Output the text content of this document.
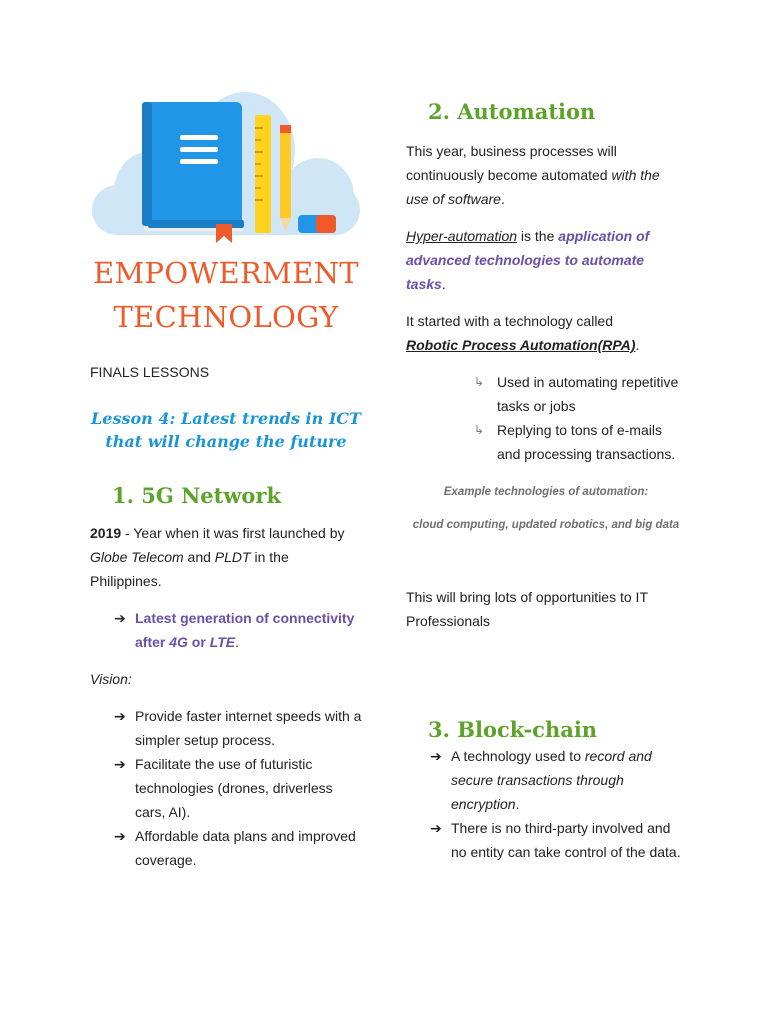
EMPOWERMENT
TECHNOLOGY
FINALS LESSONS
Lesson 4: Latest trends in ICT
that will change the future
1. 5G Network

2019 - Year when it was first launched by Globe Telecom and PLDT in the Philippines.

➔ Latest generation of connectivity after 4G or LTE.

Vision:

➔ Provide faster internet speeds with a simpler setup process.
➔ Facilitate the use of futuristic technologies (drones, driverless cars, AI).
➔ Affordable data plans and improved coverage.
2. Automation

This year, business processes will continuously become automated with the use of software.

Hyper-automation is the application of advanced technologies to automate tasks.

It started with a technology called
Robotic Process Automation(RPA).

↳ Used in automating repetitive tasks or jobs
↳ Replying to tons of e-mails and processing transactions.
Example technologies of automation:
cloud computing, updated robotics, and big data

This will bring lots of opportunities to IT Professionals

3. Block-chain
➔ A technology used to record and secure transactions through encryption.
➔ There is no third-party involved and no entity can take control of the data.
